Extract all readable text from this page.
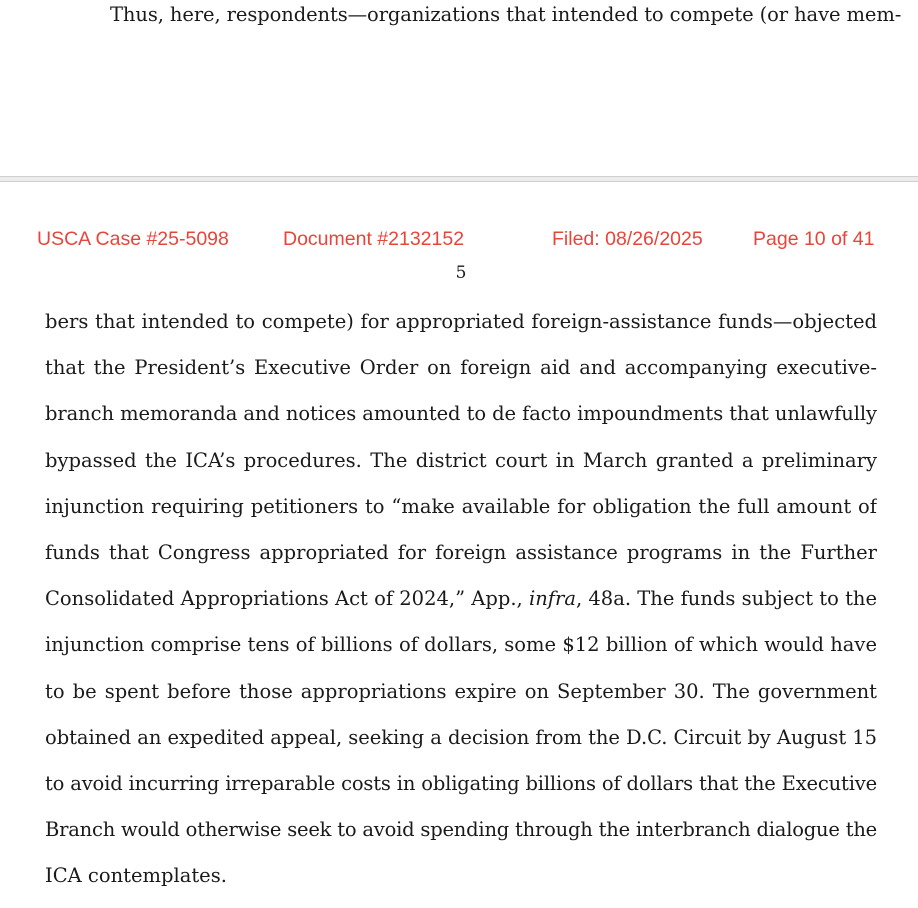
Thus, here, respondents—organizations that intended to compete (or have mem-
USCA Case #25-5098	Document #2132152	Filed: 08/26/2025	Page 10 of 41
5
bers that intended to compete) for appropriated foreign-assistance funds—objected
that the President’s Executive Order on foreign aid and accompanying executive-
branch memoranda and notices amounted to de facto impoundments that unlawfully
bypassed the ICA’s procedures. The district court in March granted a preliminary
injunction requiring petitioners to “make available for obligation the full amount of
funds that Congress appropriated for foreign assistance programs in the Further
Consolidated Appropriations Act of 2024,” App., infra, 48a. The funds subject to the
injunction comprise tens of billions of dollars, some $12 billion of which would have
to be spent before those appropriations expire on September 30. The government
obtained an expedited appeal, seeking a decision from the D.C. Circuit by August 15
to avoid incurring irreparable costs in obligating billions of dollars that the Executive
Branch would otherwise seek to avoid spending through the interbranch dialogue the
ICA contemplates.
